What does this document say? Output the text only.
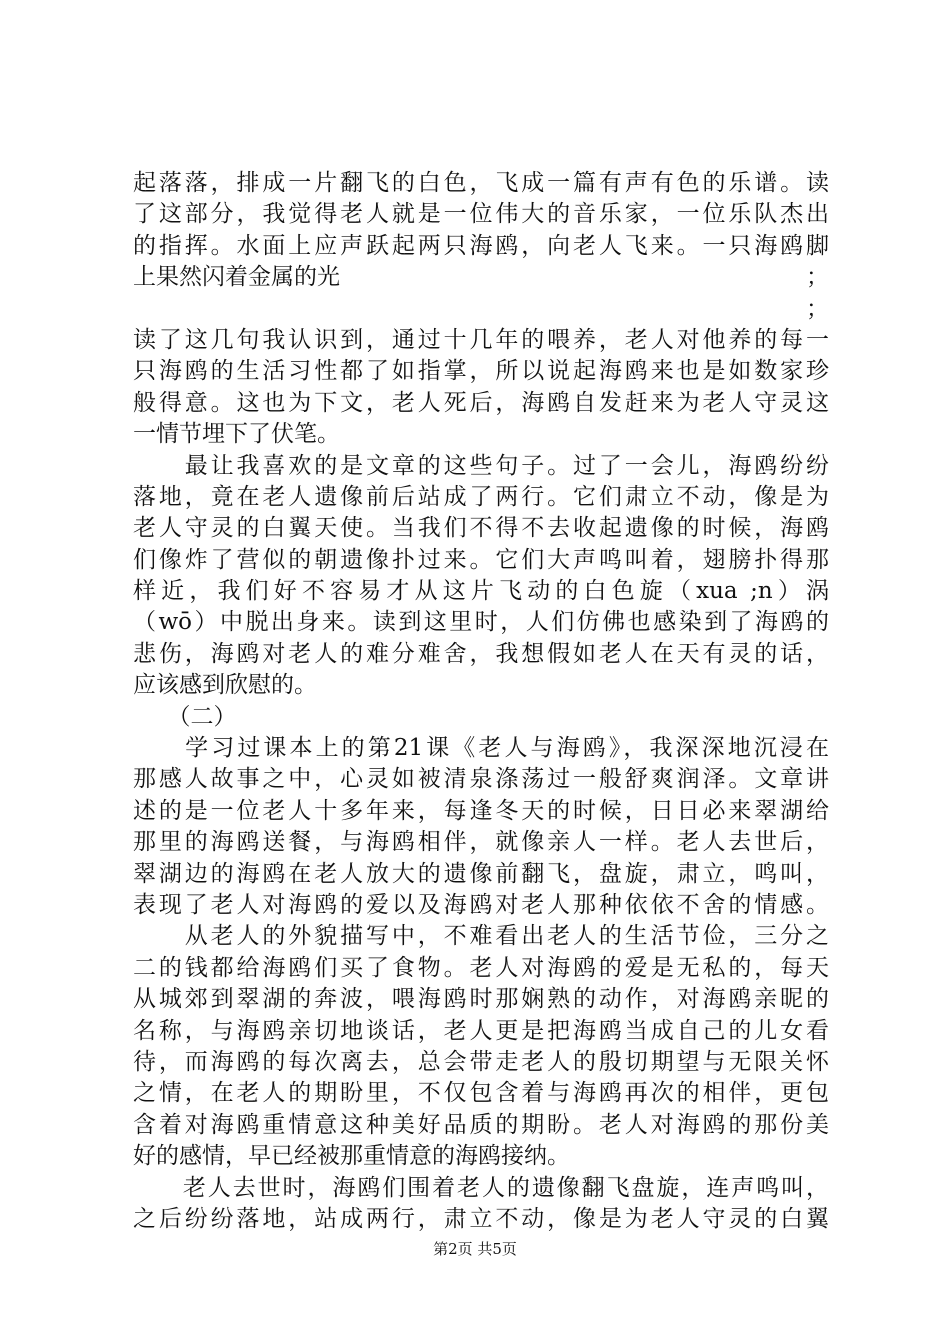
起落落，排成一片翻飞的白色，飞成一篇有声有色的乐谱。读
了这部分，我觉得老人就是一位伟大的音乐家，一位乐队杰出
的指挥。水面上应声跃起两只海鸥，向老人飞来。一只海鸥脚
上果然闪着金属的光	；
；
读了这几句我认识到，通过十几年的喂养，老人对他养的每一
只海鸥的生活习性都了如指掌，所以说起海鸥来也是如数家珍
般得意。这也为下文，老人死后，海鸥自发赶来为老人守灵这
一情节埋下了伏笔。
　　最让我喜欢的是文章的这些句子。过了一会儿，海鸥纷纷
落地，竟在老人遗像前后站成了两行。它们肃立不动，像是为
老人守灵的白翼天使。当我们不得不去收起遗像的时候，海鸥
们像炸了营似的朝遗像扑过来。它们大声鸣叫着，翅膀扑得那
样近，我们好不容易才从这片飞动的白色旋（xua ;n）涡
（wō）中脱出身来。读到这里时，人们仿佛也感染到了海鸥的
悲伤，海鸥对老人的难分难舍，我想假如老人在天有灵的话，
应该感到欣慰的。
　　（二）
　　学习过课本上的第21课《老人与海鸥》，我深深地沉浸在
那感人故事之中，心灵如被清泉涤荡过一般舒爽润泽。文章讲
述的是一位老人十多年来，每逢冬天的时候，日日必来翠湖给
那里的海鸥送餐，与海鸥相伴，就像亲人一样。老人去世后，
翠湖边的海鸥在老人放大的遗像前翻飞，盘旋，肃立，鸣叫，
表现了老人对海鸥的爱以及海鸥对老人那种依依不舍的情感。
　　从老人的外貌描写中，不难看出老人的生活节俭，三分之
二的钱都给海鸥们买了食物。老人对海鸥的爱是无私的，每天
从城郊到翠湖的奔波，喂海鸥时那娴熟的动作，对海鸥亲昵的
名称，与海鸥亲切地谈话，老人更是把海鸥当成自己的儿女看
待，而海鸥的每次离去，总会带走老人的殷切期望与无限关怀
之情，在老人的期盼里，不仅包含着与海鸥再次的相伴，更包
含着对海鸥重情意这种美好品质的期盼。老人对海鸥的那份美
好的感情，早已经被那重情意的海鸥接纳。
　　老人去世时，海鸥们围着老人的遗像翻飞盘旋，连声鸣叫，
之后纷纷落地，站成两行，肃立不动，像是为老人守灵的白翼
第2页 共5页
